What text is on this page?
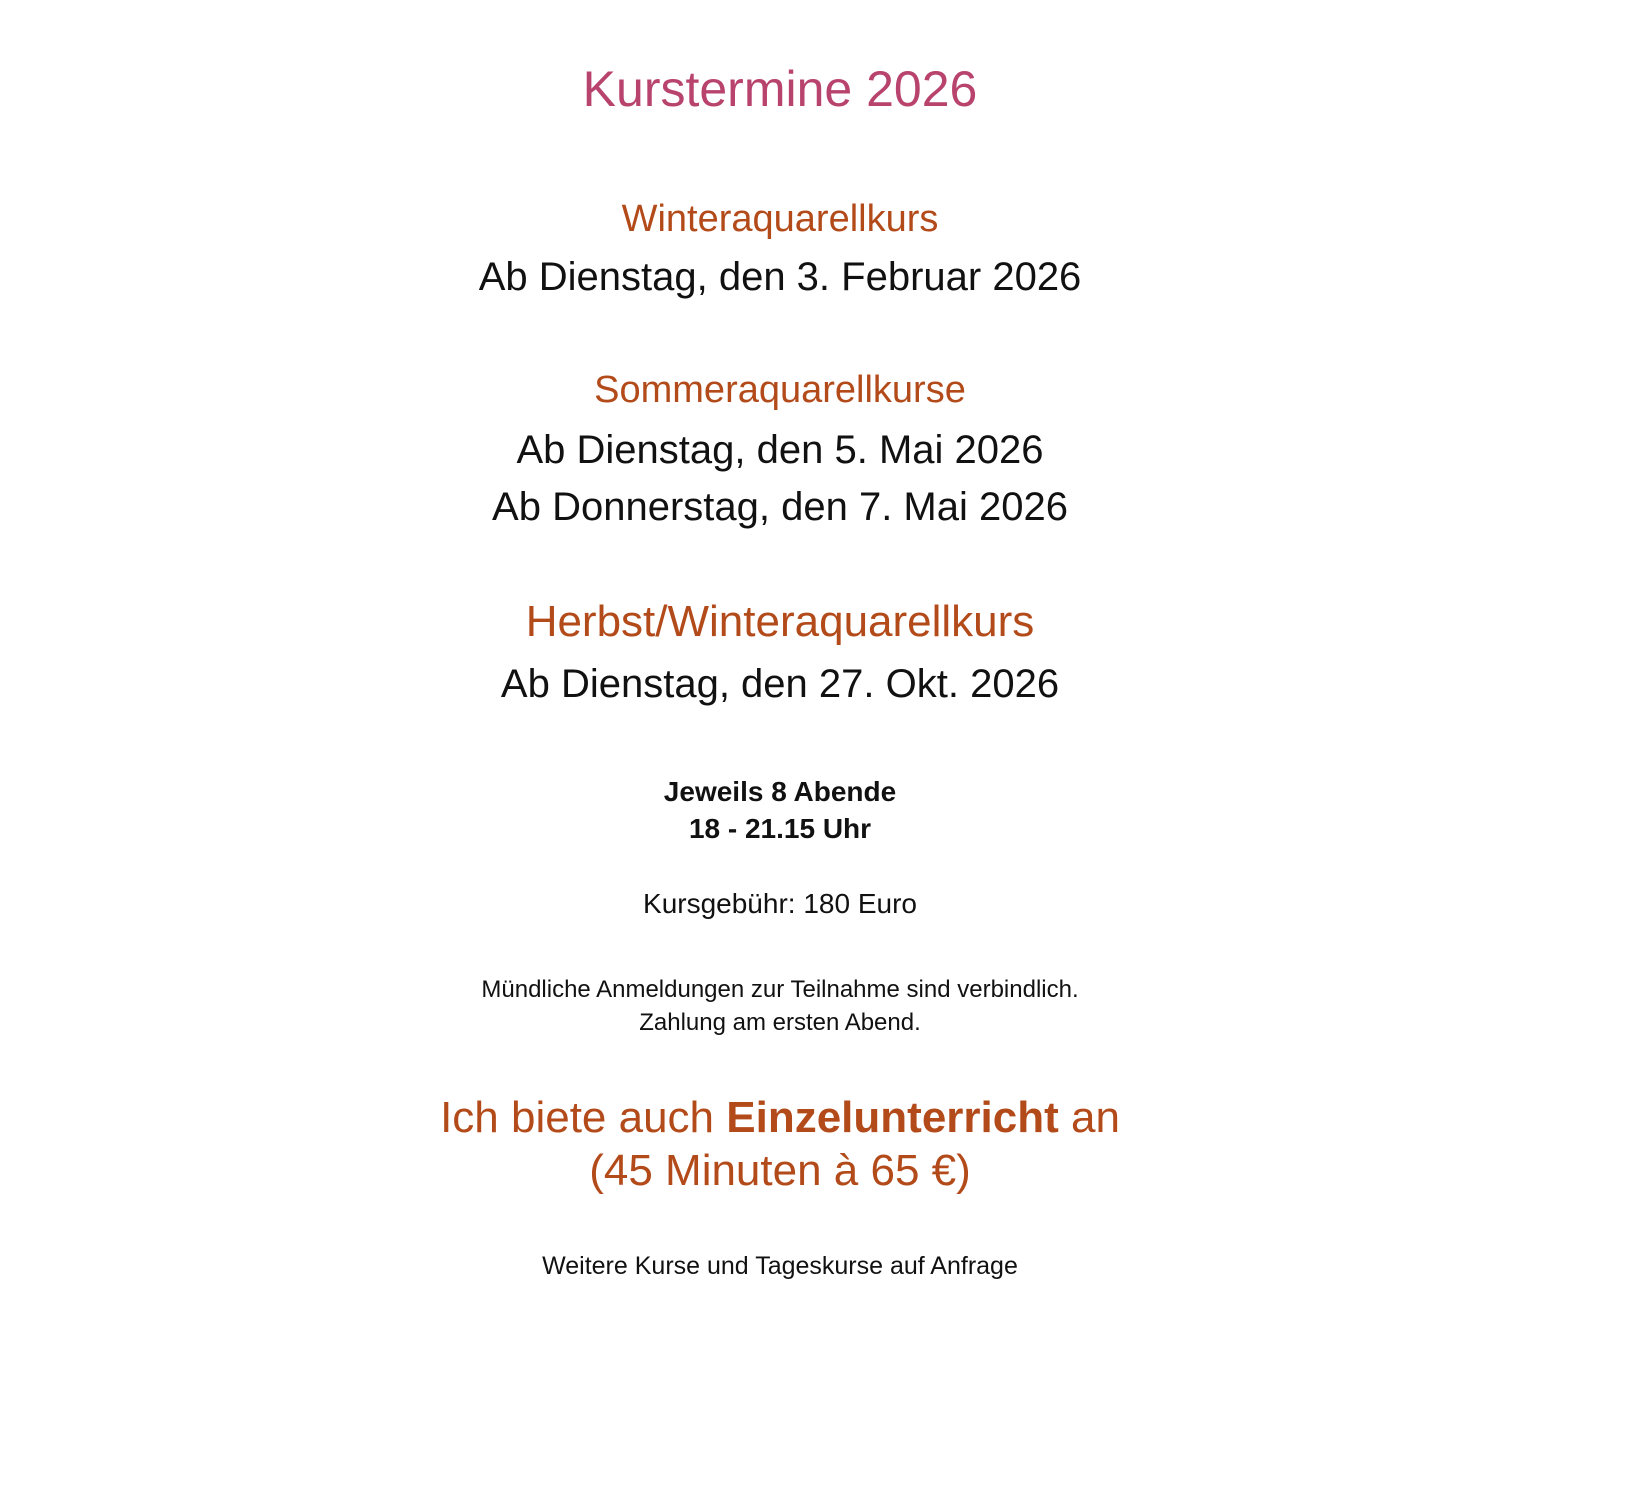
Kurstermine 2026
Winteraquarellkurs
Ab Dienstag, den 3. Februar 2026
Sommeraquarellkurse
Ab Dienstag, den 5. Mai 2026
Ab Donnerstag, den 7. Mai 2026
Herbst/Winteraquarellkurs
Ab Dienstag, den 27. Okt. 2026
Jeweils 8 Abende
18 - 21.15 Uhr
Kursgebühr: 180 Euro
Mündliche Anmeldungen zur Teilnahme sind verbindlich.
Zahlung am ersten Abend.
Ich biete auch Einzelunterricht an
(45 Minuten à 65 €)
Weitere Kurse und Tageskurse auf Anfrage
